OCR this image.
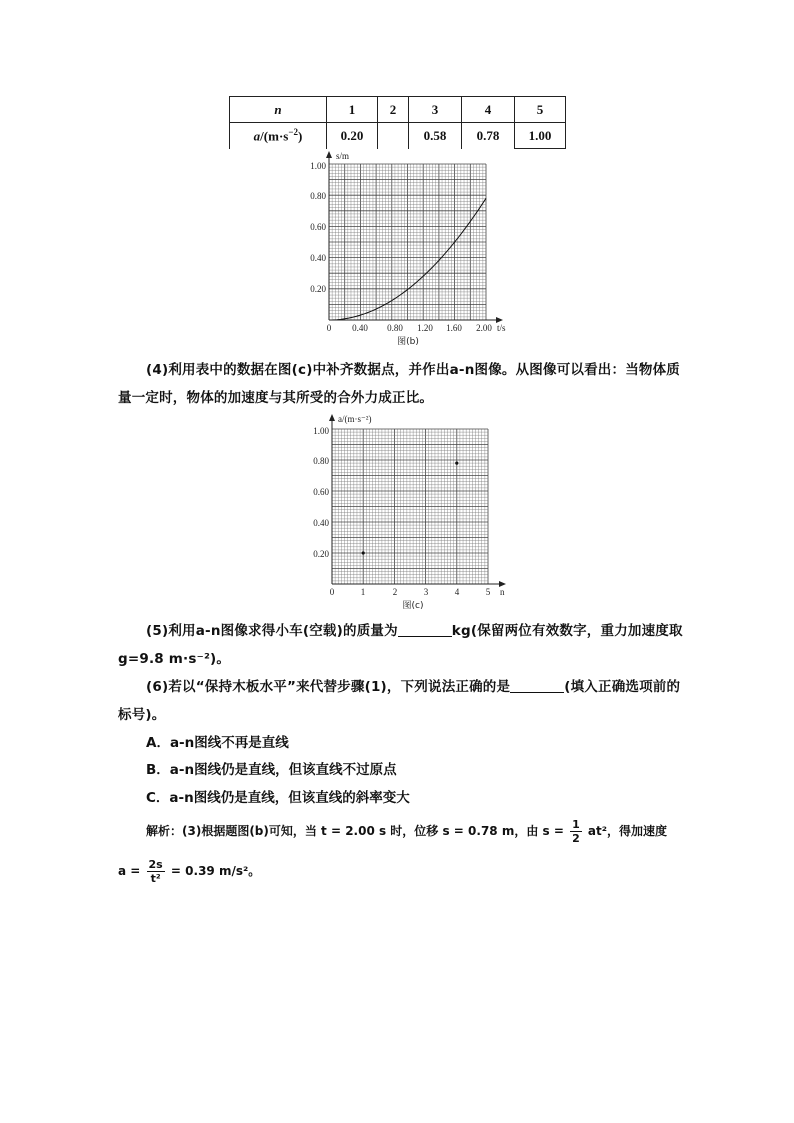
n	1	2	3	4	5
$a/(m\cdot s^{-2})$	0.20		0.58	0.78	1.00
s/m
t/s
1.00
0.80
0.60
0.40
0.20
0 0.40 0.80 1.20 1.60 2.00
图(b)
(4)利用表中的数据在图(c)中补齐数据点，并作出a-n图像。从图像可以看出：当物体质量一定时，物体的加速度与其所受的合外力成正比。
a/(m·s⁻²)
n
1.00
0.80
0.60
0.40
0.20
0	1	2	3	4	5
图(c)
(5)利用a-n图像求得小车(空载)的质量为	kg(保留两位有效数字，重力加速度取g=9.8 m·s⁻²)。
(6)若以“保持木板水平”来代替步骤(1)，下列说法正确的是	(填入正确选项前的标号)。
A．a-n图线不再是直线
B．a-n图线仍是直线，但该直线不过原点
C．a-n图线仍是直线，但该直线的斜率变大
解析：(3)根据题图(b)可知，当 t = 2.00 s 时，位移 s = 0.78 m，由 $s = \frac{1}{2} at^2$，得加速度
$a = \frac{2s}{\text{t²}} = 0.39$ m/s²。
